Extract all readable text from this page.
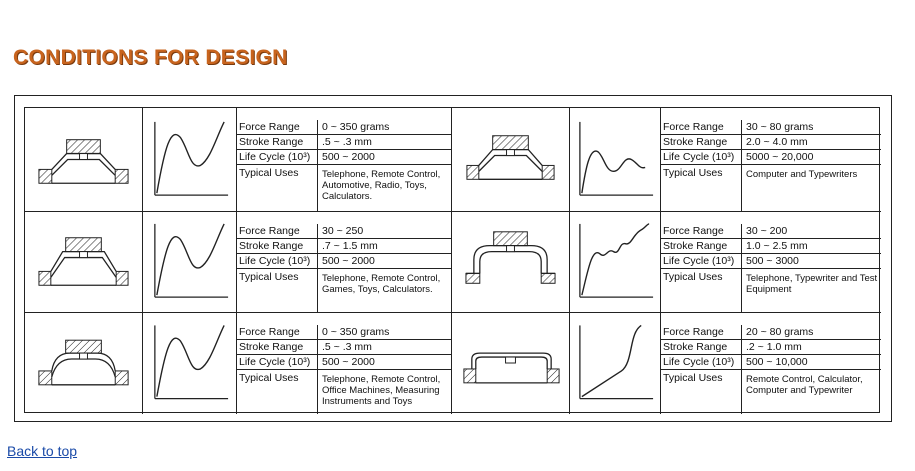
CONDITIONS FOR DESIGN
Force Range	0 ~ 350 grams
Stroke Range	.5 ~ .3 mm
Life Cycle (10³)	500 ~ 2000
Typical Uses	Telephone, Remote Control, Automotive, Radio, Toys, Calculators.
Force Range	30 ~ 80 grams
Stroke Range	2.0 ~ 4.0 mm
Life Cycle (10³)	5000 ~ 20,000
Typical Uses	Computer and Typewriters
Force Range	30 ~ 250
Stroke Range	.7 ~ 1.5 mm
Life Cycle (10³)	500 ~ 2000
Typical Uses	Telephone, Remote Control, Games, Toys, Calculators.
Force Range	30 ~ 200
Stroke Range	1.0 ~ 2.5 mm
Life Cycle (10³)	500 ~ 3000
Typical Uses	Telephone, Typewriter and Test Equipment
Force Range	0 ~ 350 grams
Stroke Range	.5 ~ .3 mm
Life Cycle (10³)	500 ~ 2000
Typical Uses	Telephone, Remote Control, Office Machines, Measuring Instruments and Toys
Force Range	20 ~ 80 grams
Stroke Range	.2 ~ 1.0 mm
Life Cycle (10³)	500 ~ 10,000
Typical Uses	Remote Control, Calculator, Computer and Typewriter
Back to top
